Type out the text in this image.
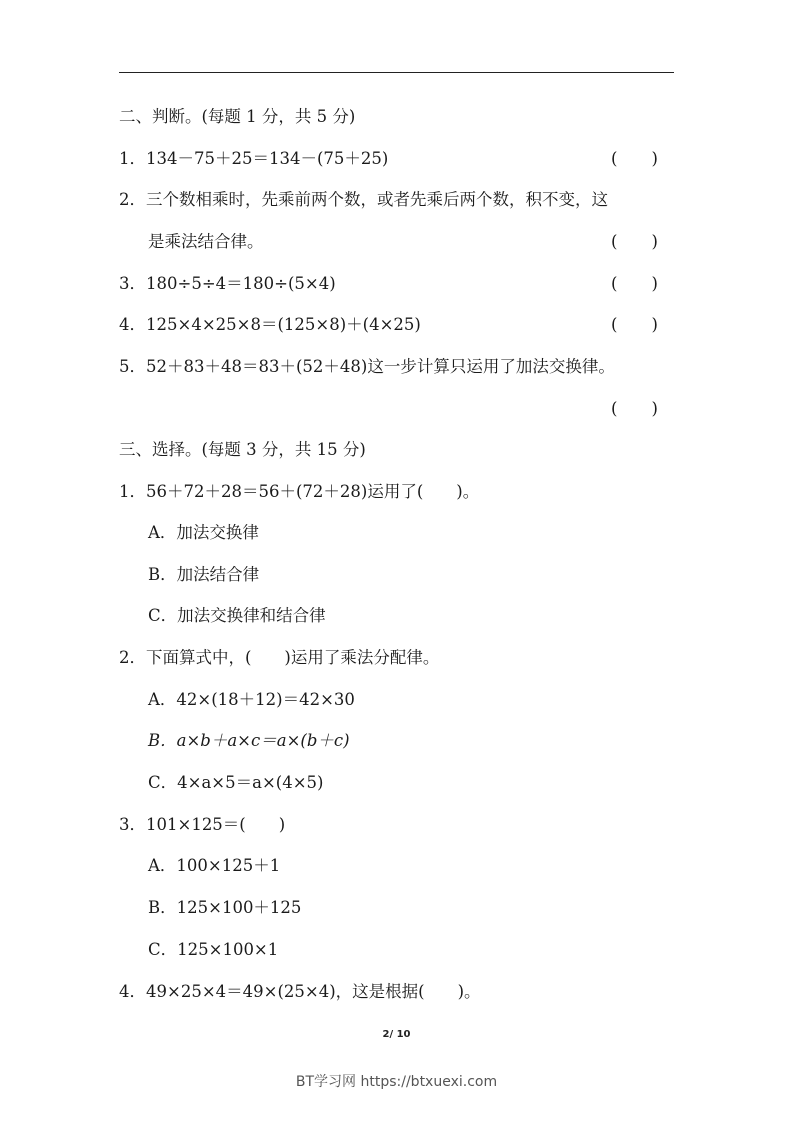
二、判断。(每题 1 分，共 5 分)
1．134－75＋25＝134－(75＋25)	( )
2．三个数相乘时，先乘前两个数，或者先乘后两个数，积不变，这
是乘法结合律。	( )
3．180÷5÷4＝180÷(5×4)	( )
4．125×4×25×8＝(125×8)＋(4×25)	( )
5．52＋83＋48＝83＋(52＋48)这一步计算只运用了加法交换律。
( )
三、选择。(每题 3 分，共 15 分)
1．56＋72＋28＝56＋(72＋28)运用了(　　)。
A．加法交换律
B．加法结合律
C．加法交换律和结合律
2．下面算式中，(　　)运用了乘法分配律。
A．42×(18＋12)＝42×30
B．a×b＋a×c＝a×(b＋c)
C．4×a×5＝a×(4×5)
3．101×125＝(　　)
A．100×125＋1
B．125×100＋125
C．125×100×1
4．49×25×4＝49×(25×4)，这是根据(　　)。
2/ 10
BT学习网 https://btxuexi.com
